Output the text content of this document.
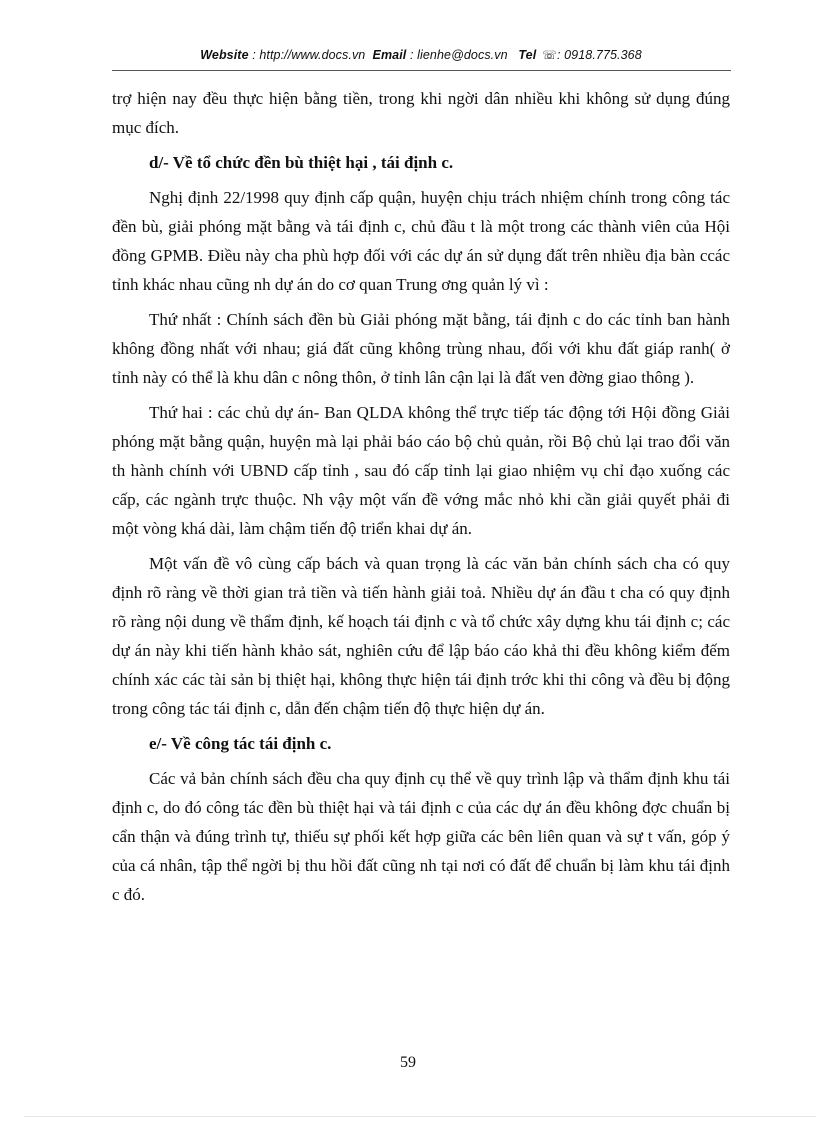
Website : http://www.docs.vn Email : lienhe@docs.vn Tel ☏: 0918.775.368

trợ hiện nay đều thực hiện bằng tiền, trong khi ngời dân nhiều khi không sử dụng đúng mục đích.

d/- Về tổ chức đền bù thiệt hại , tái định c.

Nghị định 22/1998 quy định cấp quận, huyện chịu trách nhiệm chính trong công tác đền bù, giải phóng mặt bằng và tái định c, chủ đầu t là một trong các thành viên của Hội đồng GPMB. Điều này cha phù hợp đối với các dự án sử dụng đất trên nhiều địa bàn ccác tỉnh khác nhau cũng nh dự án do cơ quan Trung ơng quản lý vì :

Thứ nhất : Chính sách đền bù Giải phóng mặt bằng, tái định c do các tỉnh ban hành không đồng nhất với nhau; giá đất cũng không trùng nhau, đối với khu đất giáp ranh( ở tỉnh này có thể là khu dân c nông thôn, ở tỉnh lân cận lại là đất ven đờng giao thông ).

Thứ hai : các chủ dự án- Ban QLDA không thể trực tiếp tác động tới Hội đồng Giải phóng mặt bằng quận, huyện mà lại phải báo cáo bộ chủ quản, rồi Bộ chủ lại trao đổi văn th hành chính với UBND cấp tỉnh , sau đó cấp tỉnh lại giao nhiệm vụ chỉ đạo xuống các cấp, các ngành trực thuộc. Nh vậy một vấn đề vớng mắc nhỏ khi cần giải quyết phải đi một vòng khá dài, làm chậm tiến độ triển khai dự án.

Một vấn đề vô cùng cấp bách và quan trọng là các văn bản chính sách cha có quy định rõ ràng về thời gian trả tiền và tiến hành giải toả. Nhiều dự án đầu t cha có quy định rõ ràng nội dung về thẩm định, kế hoạch tái định c và tổ chức xây dựng khu tái định c; các dự án này khi tiến hành khảo sát, nghiên cứu để lập báo cáo khả thi đều không kiểm đếm chính xác các tài sản bị thiệt hại, không thực hiện tái định trớc khi thi công và đều bị động trong công tác tái định c, dẫn đến chậm tiến độ thực hiện dự án.

e/- Về công tác tái định c.

Các vả bản chính sách đều cha quy định cụ thể về quy trình lập và thẩm định khu tái định c, do đó công tác đền bù thiệt hại và tái định c của các dự án đều không đợc chuẩn bị cẩn thận và đúng trình tự, thiếu sự phối kết hợp giữa các bên liên quan và sự t vấn, góp ý của cá nhân, tập thể ngời bị thu hồi đất cũng nh tại nơi có đất để chuẩn bị làm khu tái định c đó.

59
